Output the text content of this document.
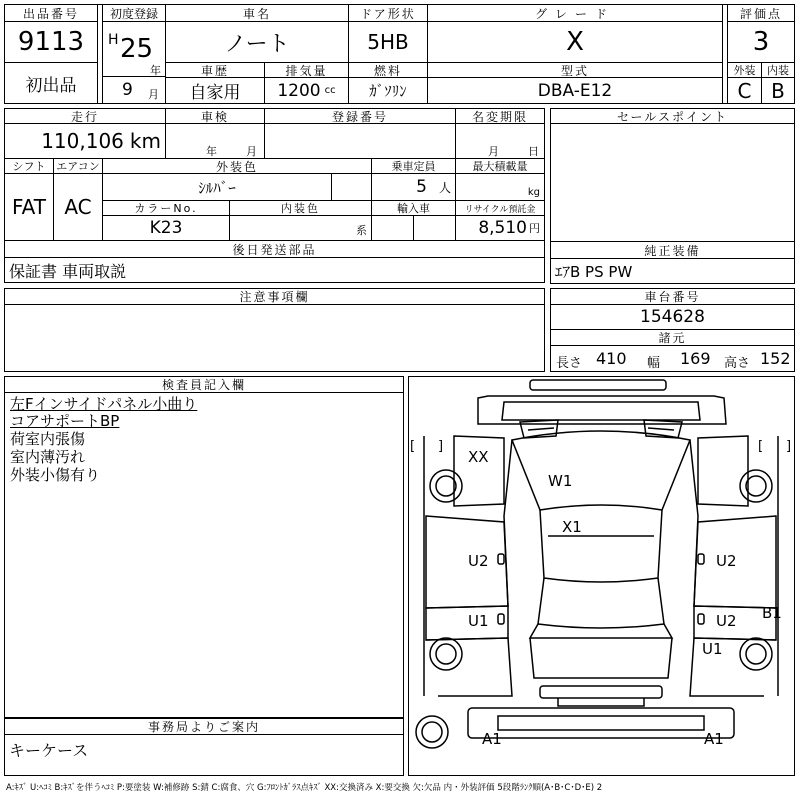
出品番号
9113
初出品
初度登録
H 25
年
9 月
車名
ノート
ドア形状
5HB
グレード
X
評価点
3
車歴
自家用
排気量
1200 cc
燃料
ｶﾞｿﾘﾝ
型式
DBA-E12
外装	内装
C B
走行
110,106 km
車検
年	月
登録番号	名変期限
月	日
シフト
FAT
エアコン
AC
外装色
ｼﾙﾊﾞｰ
乗車定員
5 人
最大積載量
kg
カラーNo.
K23
内装色
系
輸入車	リサイクル預託金
8,510 円
後日発送部品
保証書 車両取説
セールスポイント
純正装備
ｴｱB PS PW
車台番号
154628
諸元
長さ 410 幅 169 高さ 152
注意事項欄
検査員記入欄
左Fインサイドパネル小曲り
コアサポートBP
荷室内張傷
室内薄汚れ
外装小傷有り
事務局よりご案内
キーケース
[ ]	[ ]
XX
W1
X1
U2	U2
U1	U2 B1
U1
A1	A1
A:ｷｽﾞ U:ﾍｺﾐ B:ｷｽﾞを伴うﾍｺﾐ P:要塗装 W:補修跡 S:錆 C:腐食、穴 G:ﾌﾛﾝﾄｶﾞﾗｽ点ｷｽﾞ XX:交換済み X:要交換 欠:欠品 内・外装評価 5段階ﾗﾝｸ順(A･B･C･D･E) 2
